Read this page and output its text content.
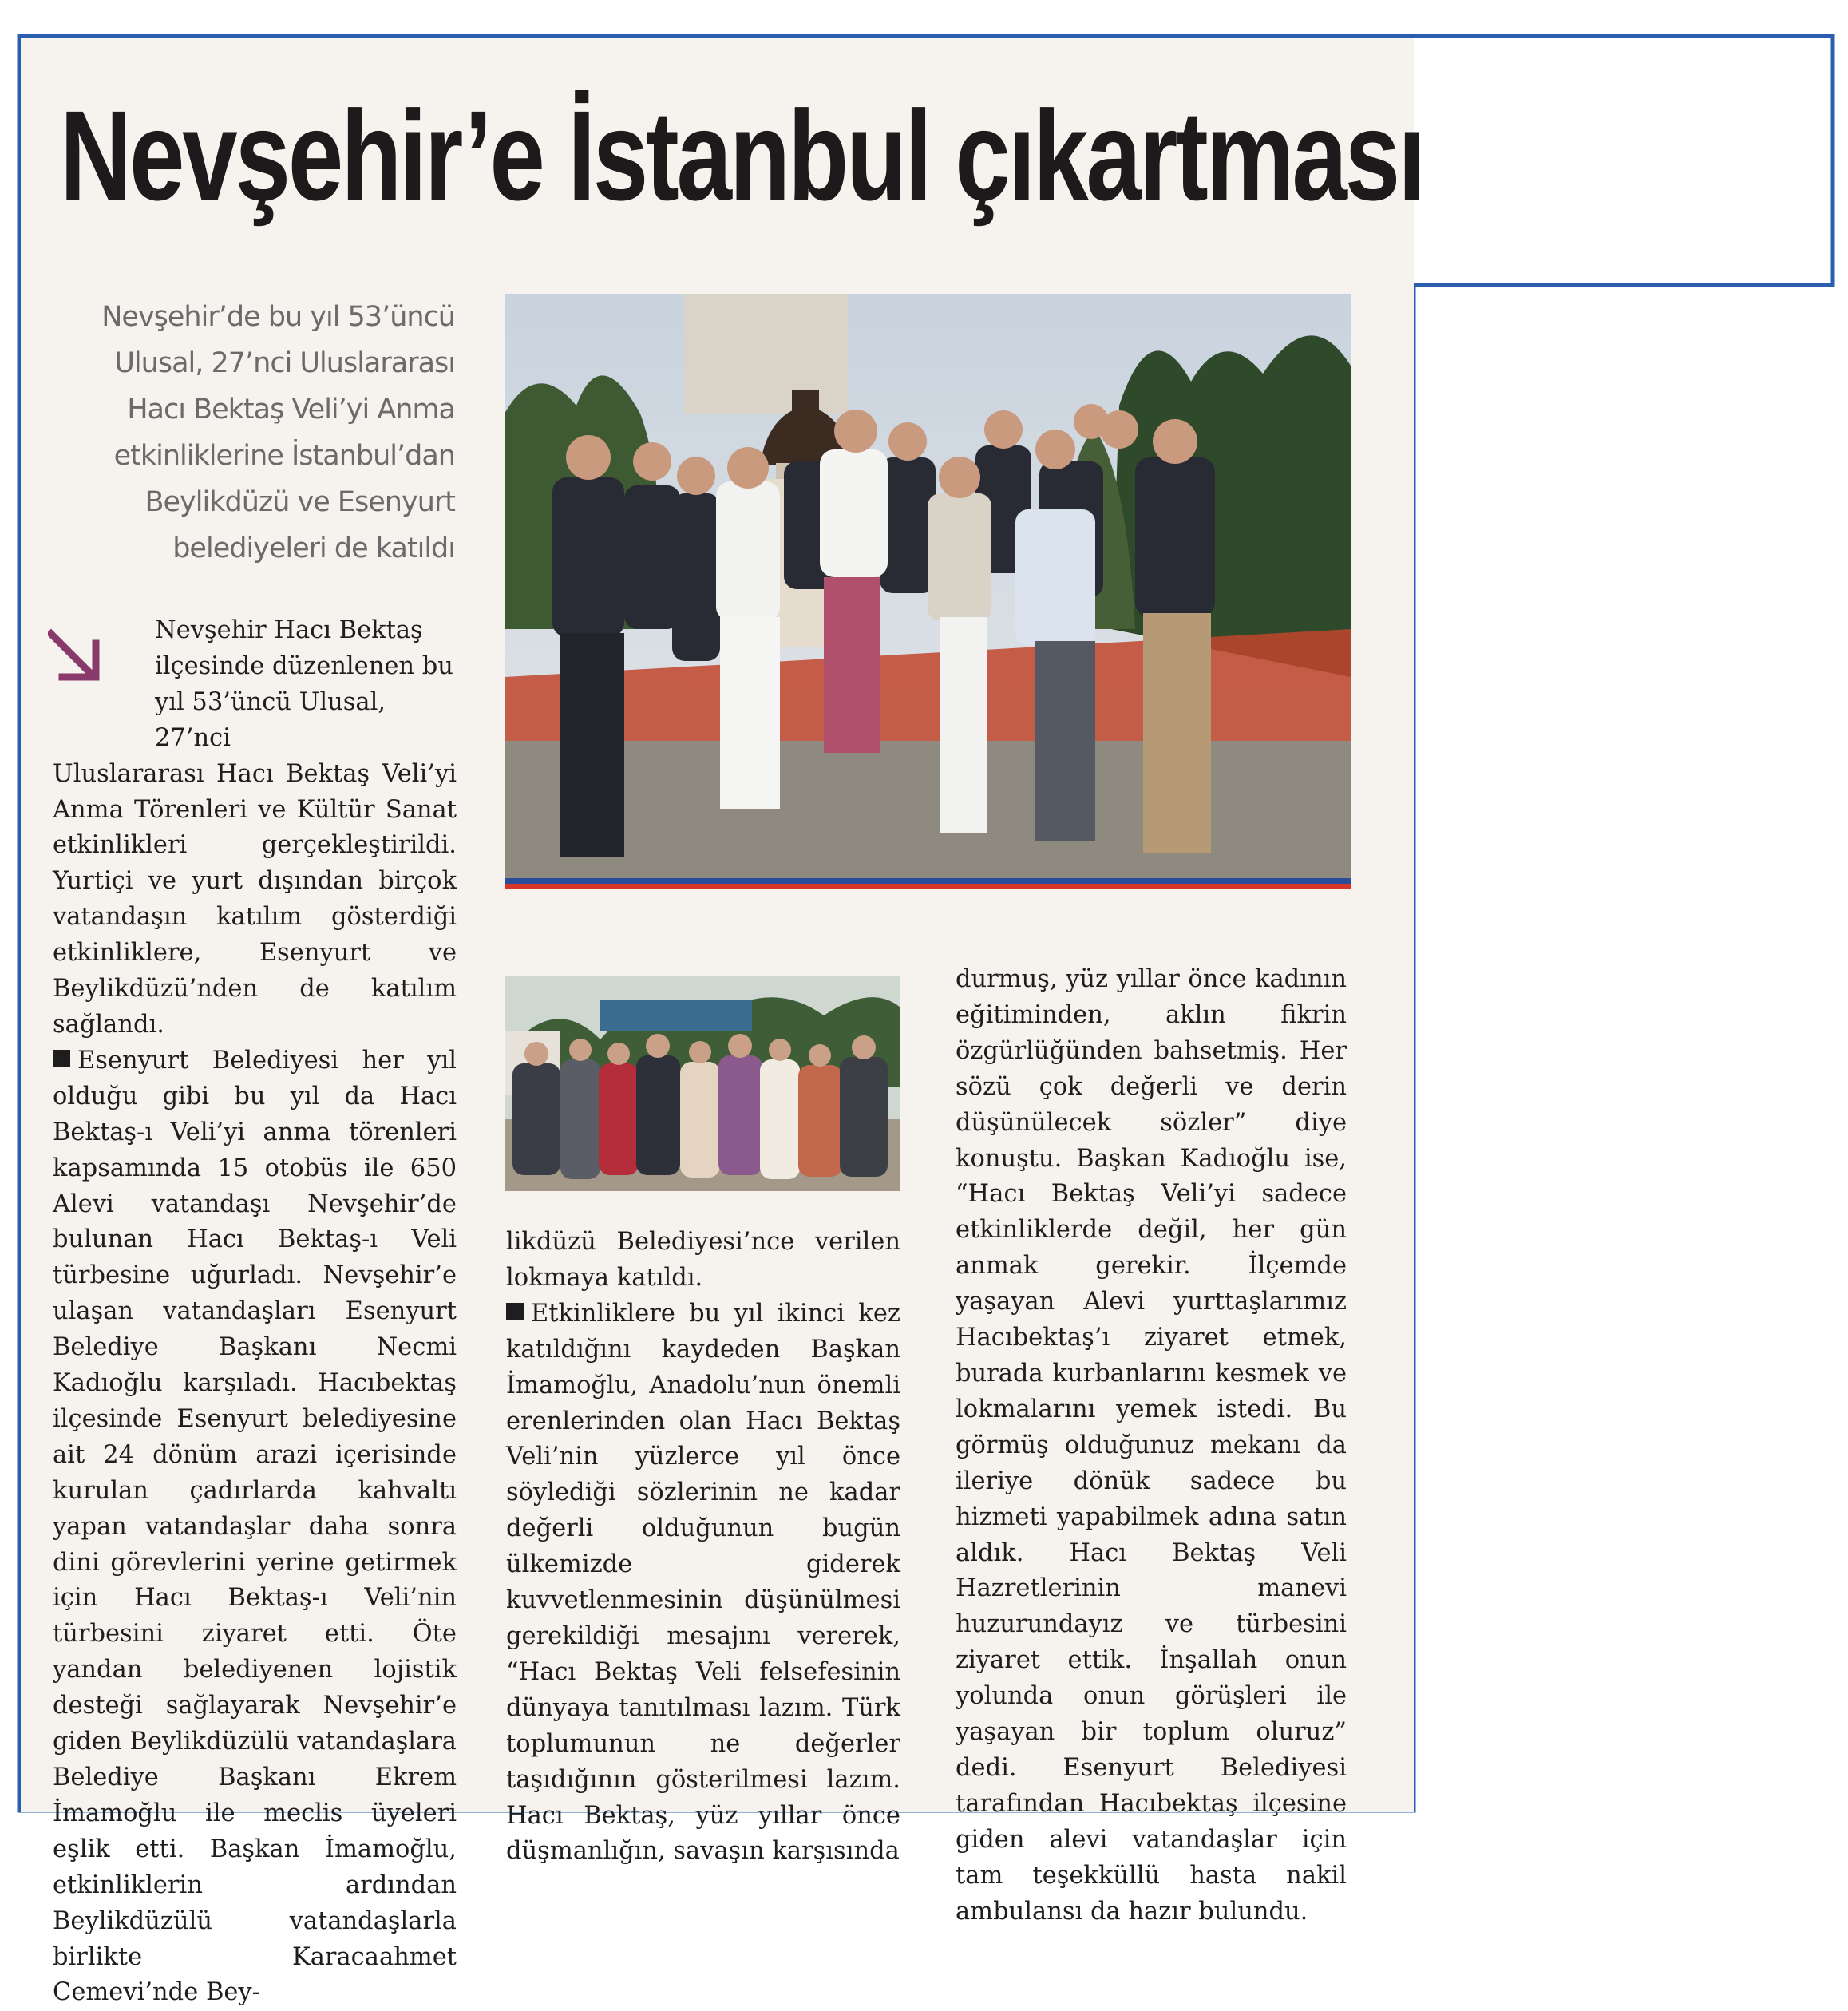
Nevşehir’e İstanbul çıkartması
Nevşehir’de bu yıl 53’üncü
Ulusal, 27’nci Uluslararası
Hacı Bektaş Veli’yi Anma
etkinliklerine İstanbul’dan
Beylikdüzü ve Esenyurt
belediyeleri de katıldı

Nevşehir Hacı Bektaş ilçesinde düzenlenen bu yıl 53’üncü Ulusal, 27’nci
Uluslararası Hacı Bektaş Veli’yi Anma Törenleri ve Kültür Sanat etkinlikleri gerçekleştirildi. Yurtiçi ve yurt dışından birçok vatandaşın katılım gösterdiği etkinliklere, Esenyurt ve Beylikdüzü’nden de katılım sağlandı.

Esenyurt Belediyesi her yıl olduğu gibi bu yıl da Hacı Bektaş-ı Veli’yi anma törenleri kapsamında 15 otobüs ile 650 Alevi vatandaşı Nevşehir’de bulunan Hacı Bektaş-ı Veli türbesine uğurladı. Nevşehir’e ulaşan vatandaşları Esenyurt Belediye Başkanı Necmi Kadıoğlu karşıladı. Hacıbektaş ilçesinde Esenyurt belediyesine ait 24 dönüm arazi içerisinde kurulan çadırlarda kahvaltı yapan vatandaşlar daha sonra dini görevlerini yerine getirmek için Hacı Bektaş-ı Veli’nin türbesini ziyaret etti. Öte yandan belediyenen lojistik desteği sağlayarak Nevşehir’e giden Beylikdüzülü vatandaşlara Belediye Başkanı Ekrem İmamoğlu ile meclis üyeleri eşlik etti. Başkan İmamoğlu, etkinliklerin ardından Beylikdüzülü vatandaşlarla birlikte Karacaahmet Cemevi’nde Bey-

likdüzü Belediyesi’nce verilen lokmaya katıldı.

Etkinliklere bu yıl ikinci kez katıldığını kaydeden Başkan İmamoğlu, Anadolu’nun önemli erenlerinden olan Hacı Bektaş Veli’nin yüzlerce yıl önce söylediği sözlerinin ne kadar değerli olduğunun bugün ülkemizde giderek kuvvetlenmesinin düşünülmesi gerekildiği mesajını vererek, “Hacı Bektaş Veli felsefesinin dünyaya tanıtılması lazım. Türk toplumunun ne değerler taşıdığının gösterilmesi lazım. Hacı Bektaş, yüz yıllar önce düşmanlığın, savaşın karşısında

durmuş, yüz yıllar önce kadının eğitiminden, aklın fikrin özgürlüğünden bahsetmiş. Her sözü çok değerli ve derin düşünülecek sözler” diye konuştu. Başkan Kadıoğlu ise, “Hacı Bektaş Veli’yi sadece etkinliklerde değil, her gün anmak gerekir. İlçemde yaşayan Alevi yurttaşlarımız Hacıbektaş’ı ziyaret etmek, burada kurbanlarını kesmek ve lokmalarını yemek istedi. Bu görmüş olduğunuz mekanı da ileriye dönük sadece bu hizmeti yapabilmek adına satın aldık. Hacı Bektaş Veli Hazretlerinin manevi huzurundayız ve türbesini ziyaret ettik. İnşallah onun yolunda onun görüşleri ile yaşayan bir toplum oluruz” dedi. Esenyurt Belediyesi tarafından Hacıbektaş ilçesine giden alevi vatandaşlar için tam teşekküllü hasta nakil ambulansı da hazır bulundu.
